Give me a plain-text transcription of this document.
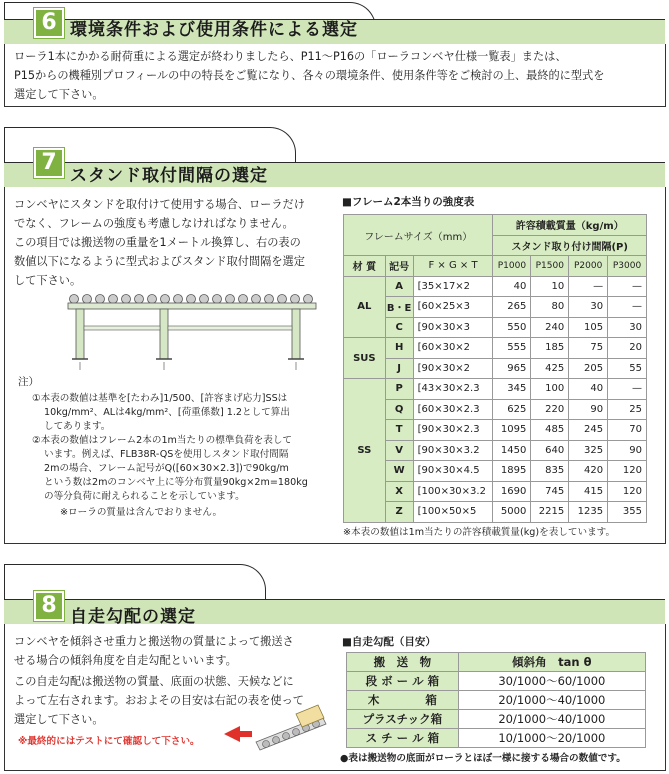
6 環境条件および使用条件による選定
ローラ1本にかかる耐荷重による選定が終わりましたら、P11～P16の「ローラコンベヤ仕様一覧表」または、
P15からの機種別プロフィールの中の特長をご覧になり、各々の環境条件、使用条件等をご検討の上、最終的に型式を
選定して下さい。
7
スタンド取付間隔の選定
コンベヤにスタンドを取付けて使用する場合、ローラだけ
でなく、フレームの強度も考慮しなければなりません。
この項目では搬送物の重量を1メートル換算し、右の表の
数値以下になるように型式およびスタンド取付間隔を選定
して下さい。
注）
①本表の数値は基準を[たわみ]1/500、[許容まげ応力]SSは
10kg/mm²、ALは4kg/mm²、[荷重係数] 1.2として算出
してあります。
②本表の数値はフレーム2本の1m当たりの標準負荷を表して
います。例えば、FLB38R-QSを使用しスタンド取付間隔
2mの場合、フレーム記号がQ([60×30×2.3])で90kg/m
という数は2mのコンベヤ上に等分布質量90kg×2m=180kg
の等分負荷に耐えられることを示しています。
※ローラの質量は含んでおりません。
■フレーム2本当りの強度表
フレームサイズ（mm）			許容積載質量（kg/m）			
			スタンド取り付け間隔(P)			
材 質	記号	F × G × T	P1000	P1500	P2000	P3000
AL	A	[35×17×2	40	10	—	—
	B・E	[60×25×3	265	80	30	—
	C	[90×30×3	550	240	105	30
SUS	H	[60×30×2	555	185	75	20
	J	[90×30×2	965	425	205	55
SS	P	[43×30×2.3	345	100	40	—
	Q	[60×30×2.3	625	220	90	25
	T	[90×30×2.3	1095	485	245	70
	V	[90×30×3.2	1450	640	325	90
	W	[90×30×4.5	1895	835	420	120
	X	[100×30×3.2	1690	745	415	120
	Z	[100×50×5	5000	2215	1235	355
※本表の数値は1m当たりの許容積載質量(kg)を表しています。
8 自走勾配の選定
コンベヤを傾斜させ重力と搬送物の質量によって搬送さ
せる場合の傾斜角度を自走勾配といいます。
この自走勾配は搬送物の質量、底面の状態、天候などに
よって左右されます。おおよその目安は右記の表を使って
選定して下さい。
※最終的にはテストにて確認して下さい。
■自走勾配（目安）
搬　送　物	傾斜角　tan θ
段 ボ ー ル 箱	30/1000～60/1000
木　　　　箱	20/1000～40/1000
プラスチック箱	20/1000～40/1000
ス チ ー ル 箱	10/1000～20/1000
●表は搬送物の底面がローラとほぼ一様に接する場合の数値です。
